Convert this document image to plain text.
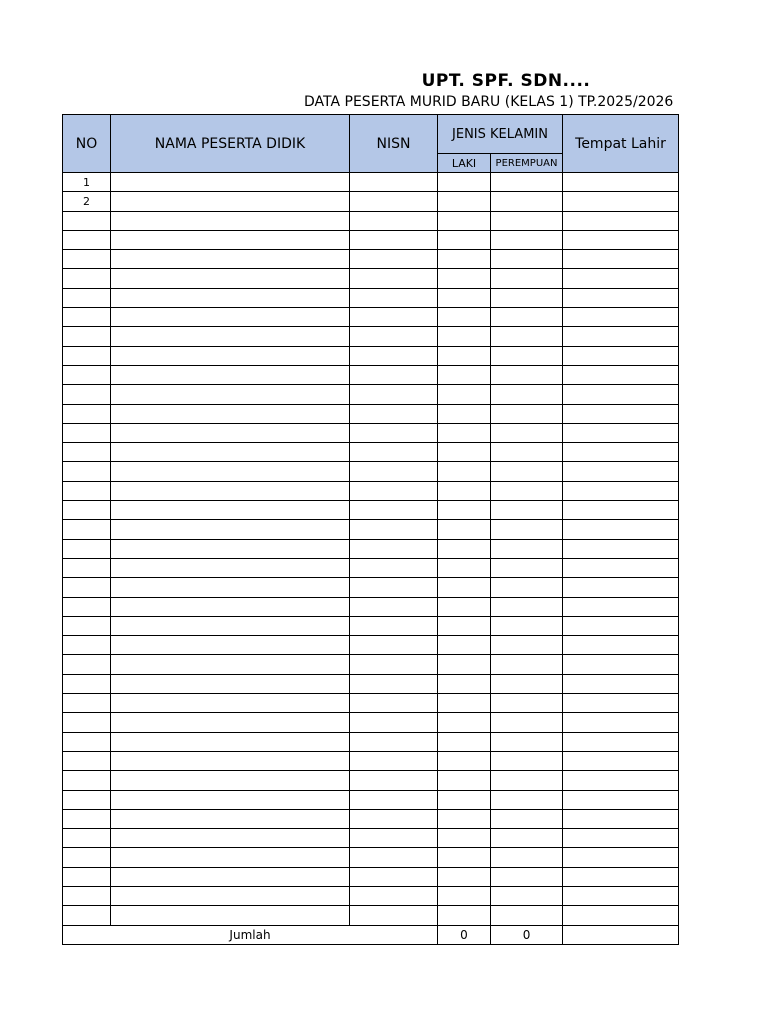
UPT. SPF. SDN....
DATA PESERTA MURID BARU (KELAS 1) TP.2025/2026
NO	NAMA PESERTA DIDIK	NISN	JENIS KELAMIN		Tempat Lahir
			LAKI	PEREMPUAN	
1					
2					

Jumlah			0	0	
